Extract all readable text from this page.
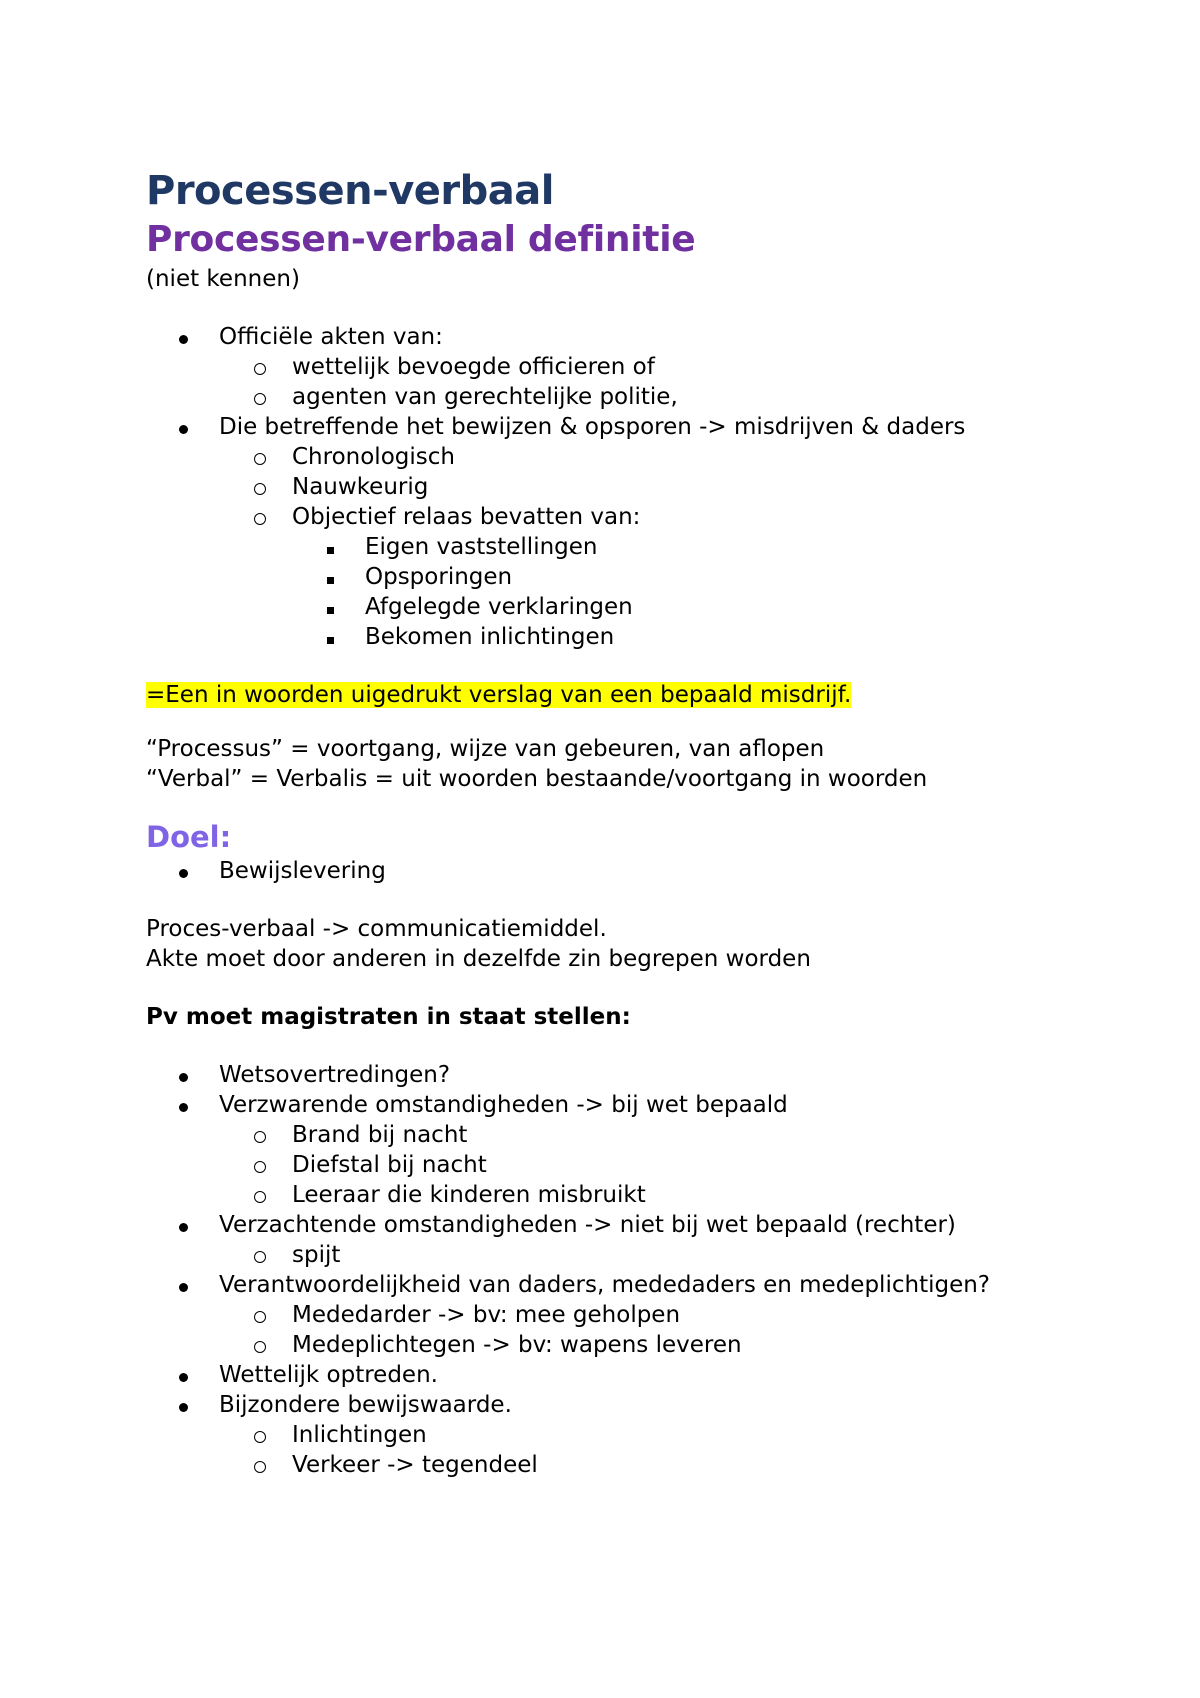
Processen-verbaal
Processen-verbaal definitie
(niet kennen)
Officiële akten van:
wettelijk bevoegde officieren of
agenten van gerechtelijke politie,
Die betreffende het bewijzen & opsporen -> misdrijven & daders
Chronologisch
Nauwkeurig
Objectief relaas bevatten van:
Eigen vaststellingen
Opsporingen
Afgelegde verklaringen
Bekomen inlichtingen
=Een in woorden uigedrukt verslag van een bepaald misdrijf.
“Processus” = voortgang, wijze van gebeuren, van aflopen
“Verbal” = Verbalis = uit woorden bestaande/voortgang in woorden
Doel:
Bewijslevering
Proces-verbaal -> communicatiemiddel.
Akte moet door anderen in dezelfde zin begrepen worden
Pv moet magistraten in staat stellen:
Wetsovertredingen?
Verzwarende omstandigheden -> bij wet bepaald
Brand bij nacht
Diefstal bij nacht
Leeraar die kinderen misbruikt
Verzachtende omstandigheden -> niet bij wet bepaald (rechter)
spijt
Verantwoordelijkheid van daders, mededaders en medeplichtigen?
Mededarder -> bv: mee geholpen
Medeplichtegen -> bv: wapens leveren
Wettelijk optreden.
Bijzondere bewijswaarde.
Inlichtingen
Verkeer -> tegendeel
